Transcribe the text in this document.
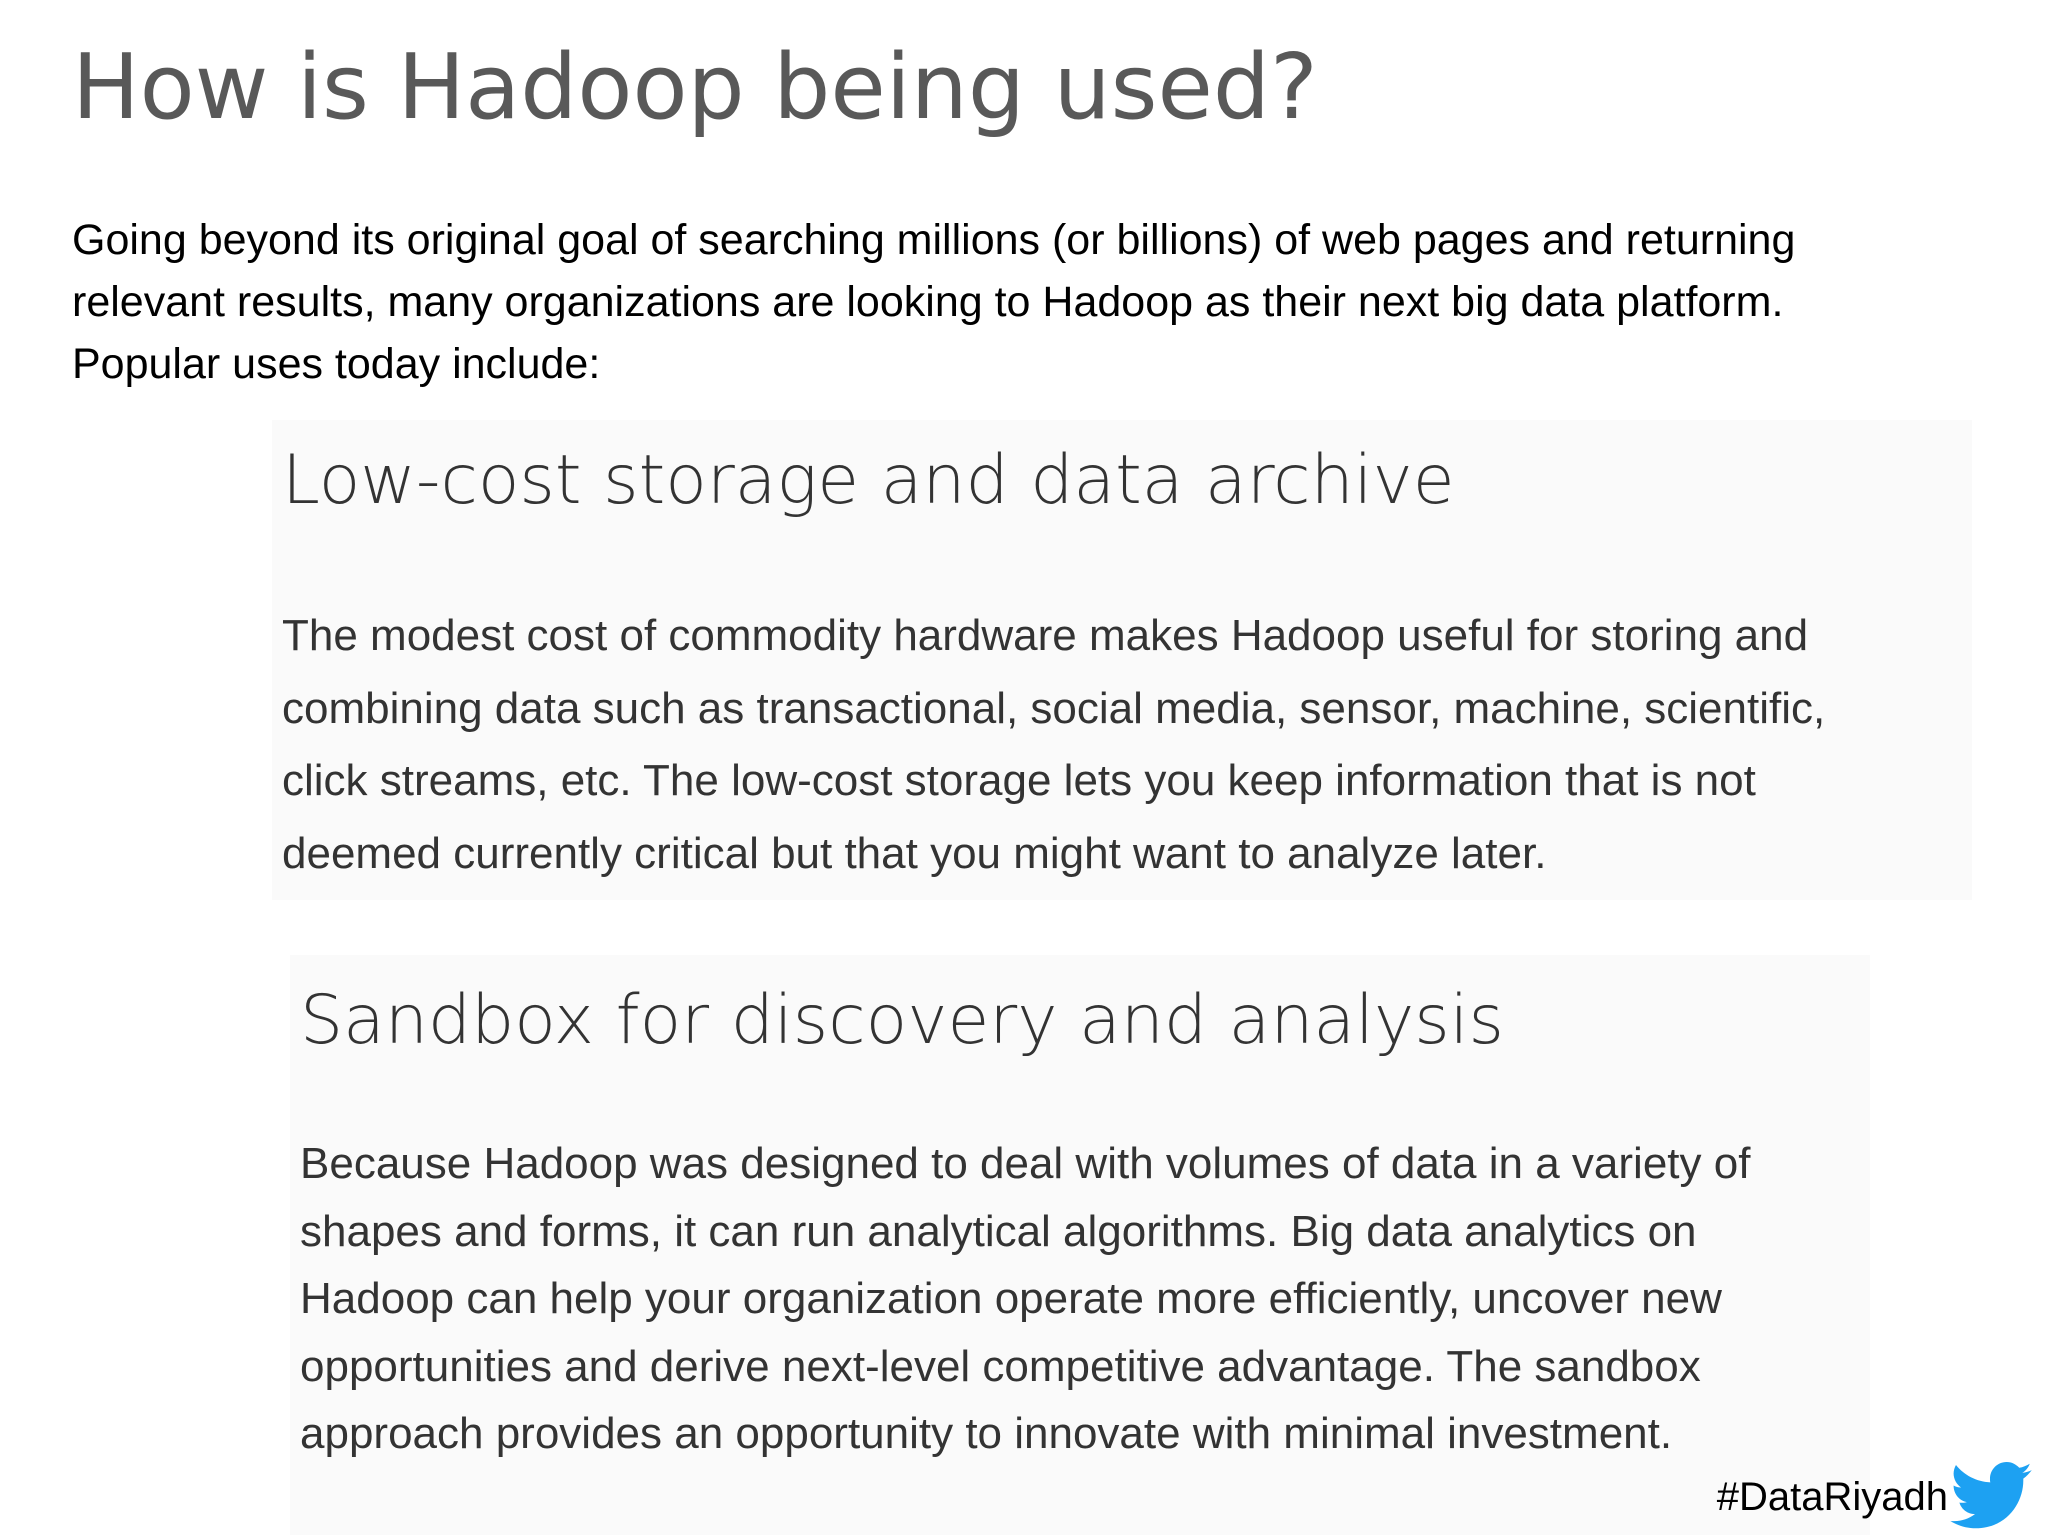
How is Hadoop being used?

Going beyond its original goal of searching millions (or billions) of web pages and returning
relevant results, many organizations are looking to Hadoop as their next big data platform.
Popular uses today include:

Low-cost storage and data archive

The modest cost of commodity hardware makes Hadoop useful for storing and
combining data such as transactional, social media, sensor, machine, scientific,
click streams, etc. The low-cost storage lets you keep information that is not
deemed currently critical but that you might want to analyze later.

Sandbox for discovery and analysis

Because Hadoop was designed to deal with volumes of data in a variety of
shapes and forms, it can run analytical algorithms. Big data analytics on
Hadoop can help your organization operate more efficiently, uncover new
opportunities and derive next-level competitive advantage. The sandbox
approach provides an opportunity to innovate with minimal investment.

#DataRiyadh
